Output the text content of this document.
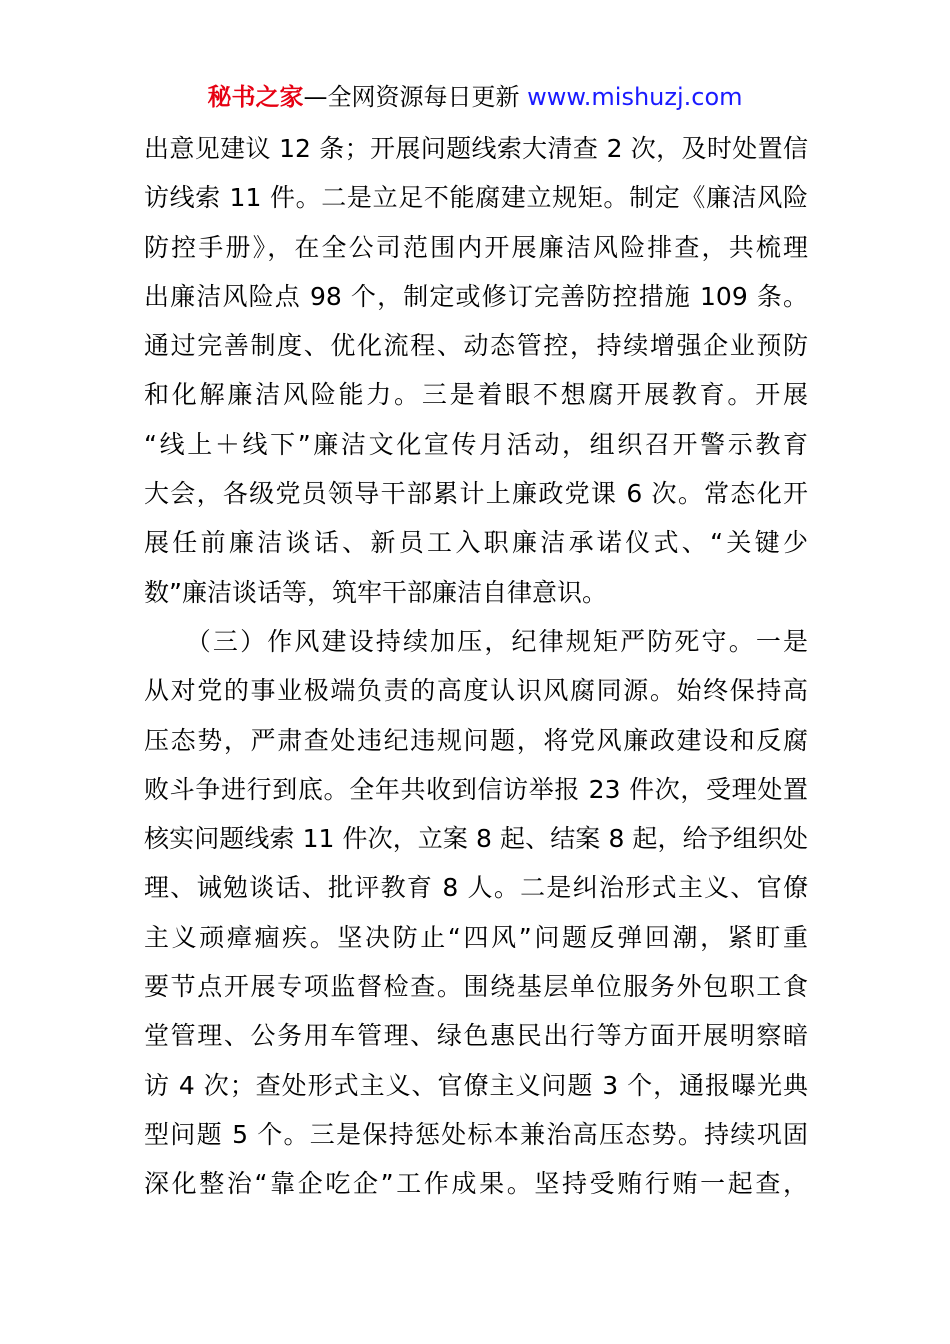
秘书之家—全网资源每日更新 www.mishuzj.com
出意见建议 12 条；开展问题线索大清查 2 次，及时处置信
访线索 11 件。二是立足不能腐建立规矩。制定《廉洁风险
防控手册》，在全公司范围内开展廉洁风险排查，共梳理
出廉洁风险点 98 个，制定或修订完善防控措施 109 条。
通过完善制度、优化流程、动态管控，持续增强企业预防
和化解廉洁风险能力。三是着眼不想腐开展教育。开展
“线上＋线下”廉洁文化宣传月活动，组织召开警示教育
大会，各级党员领导干部累计上廉政党课 6 次。常态化开
展任前廉洁谈话、新员工入职廉洁承诺仪式、“关键少
数”廉洁谈话等，筑牢干部廉洁自律意识。
　　（三）作风建设持续加压，纪律规矩严防死守。一是
从对党的事业极端负责的高度认识风腐同源。始终保持高
压态势，严肃查处违纪违规问题，将党风廉政建设和反腐
败斗争进行到底。全年共收到信访举报 23 件次，受理处置
核实问题线索 11 件次，立案 8 起、结案 8 起，给予组织处
理、诫勉谈话、批评教育 8 人。二是纠治形式主义、官僚
主义顽瘴痼疾。坚决防止“四风”问题反弹回潮，紧盯重
要节点开展专项监督检查。围绕基层单位服务外包职工食
堂管理、公务用车管理、绿色惠民出行等方面开展明察暗
访 4 次；查处形式主义、官僚主义问题 3 个，通报曝光典
型问题 5 个。三是保持惩处标本兼治高压态势。持续巩固
深化整治“靠企吃企”工作成果。坚持受贿行贿一起查，
